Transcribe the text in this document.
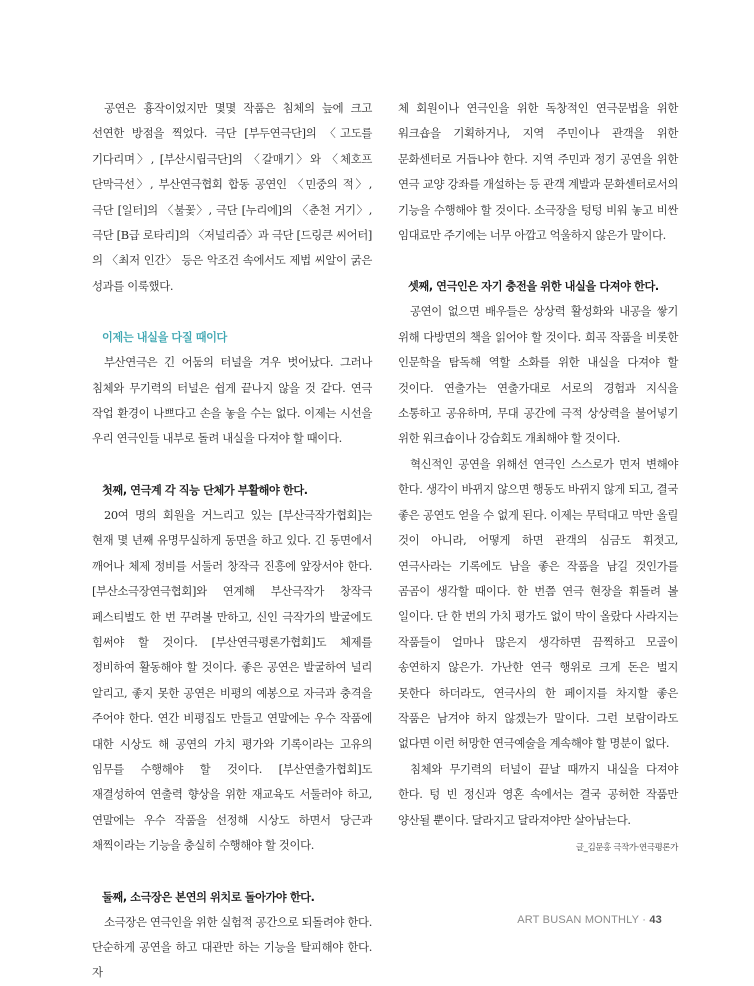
공연은 흉작이었지만 몇몇 작품은 침체의 늪에 크고 선연한 방점을 찍었다. 극단 [부두연극단]의 〈고도를 기다리며〉, [부산시립극단]의 〈갈매기〉와 〈체호프 단막극선〉, 부산연극협회 합동 공연인 〈민중의 적〉, 극단 [일터]의 〈불꽃〉, 극단 [누리에]의 〈춘천 거기〉, 극단 [B급 로타리]의 〈저널리즘〉과 극단 [드링큰 씨어터]의 〈최저 인간〉 등은 악조건 속에서도 제법 씨알이 굵은 성과를 이룩했다.

이제는 내실을 다질 때이다

부산연극은 긴 어둠의 터널을 겨우 벗어났다. 그러나 침체와 무기력의 터널은 쉽게 끝나지 않을 것 같다. 연극 작업 환경이 나쁘다고 손을 놓을 수는 없다. 이제는 시선을 우리 연극인들 내부로 돌려 내실을 다져야 할 때이다.

첫째, 연극계 각 직능 단체가 부활해야 한다.

20여 명의 회원을 거느리고 있는 [부산극작가협회]는 현재 몇 년째 유명무실하게 동면을 하고 있다. 긴 동면에서 깨어나 체제 정비를 서둘러 창작극 진흥에 앞장서야 한다. [부산소극장연극협회]와 연계해 부산극작가 창작극 페스티벌도 한 번 꾸려볼 만하고, 신인 극작가의 발굴에도 힘써야 할 것이다. [부산연극평론가협회]도 체제를 정비하여 활동해야 할 것이다. 좋은 공연은 발굴하여 널리 알리고, 좋지 못한 공연은 비평의 예봉으로 자극과 충격을 주어야 한다. 연간 비평집도 만들고 연말에는 우수 작품에 대한 시상도 해 공연의 가치 평가와 기록이라는 고유의 임무를 수행해야 할 것이다. [부산연출가협회]도 재결성하여 연출력 향상을 위한 재교육도 서둘러야 하고, 연말에는 우수 작품을 선정해 시상도 하면서 당근과 채찍이라는 기능을 충실히 수행해야 할 것이다.

둘째, 소극장은 본연의 위치로 돌아가야 한다.

소극장은 연극인을 위한 실험적 공간으로 되돌려야 한다. 단순하게 공연을 하고 대관만 하는 기능을 탈피해야 한다. 자

체 회원이나 연극인을 위한 독창적인 연극문법을 위한 워크숍을 기획하거나, 지역 주민이나 관객을 위한 문화센터로 거듭나야 한다. 지역 주민과 정기 공연을 위한 연극 교양 강좌를 개설하는 등 관객 계발과 문화센터로서의 기능을 수행해야 할 것이다. 소극장을 텅텅 비워 놓고 비싼 임대료만 주기에는 너무 아깝고 억울하지 않은가 말이다.

셋째, 연극인은 자기 충전을 위한 내실을 다져야 한다.

공연이 없으면 배우들은 상상력 활성화와 내공을 쌓기 위해 다방면의 책을 읽어야 할 것이다. 희곡 작품을 비롯한 인문학을 탐독해 역할 소화를 위한 내실을 다져야 할 것이다. 연출가는 연출가대로 서로의 경험과 지식을 소통하고 공유하며, 무대 공간에 극적 상상력을 불어넣기 위한 워크숍이나 강습회도 개최해야 할 것이다.

혁신적인 공연을 위해선 연극인 스스로가 먼저 변해야 한다. 생각이 바뀌지 않으면 행동도 바뀌지 않게 되고, 결국 좋은 공연도 얻을 수 없게 된다. 이제는 무턱대고 막만 올릴 것이 아니라, 어떻게 하면 관객의 심금도 휘젓고, 연극사라는 기록에도 남을 좋은 작품을 남길 것인가를 곰곰이 생각할 때이다. 한 번쯤 연극 현장을 휘돌려 볼 일이다. 단 한 번의 가치 평가도 없이 막이 올랐다 사라지는 작품들이 얼마나 많은지 생각하면 끔찍하고 모골이 송연하지 않은가. 가난한 연극 행위로 크게 돈은 벌지 못한다 하더라도, 연극사의 한 페이지를 차지할 좋은 작품은 남겨야 하지 않겠는가 말이다. 그런 보람이라도 없다면 이런 허망한 연극예술을 계속해야 할 명분이 없다.

침체와 무기력의 터널이 끝날 때까지 내실을 다져야 한다. 텅 빈 정신과 영혼 속에서는 결국 공허한 작품만 양산될 뿐이다. 달라지고 달라져야만 살아남는다.

글_김문홍 극작가·연극평론가

ART BUSAN MONTHLY · 43
